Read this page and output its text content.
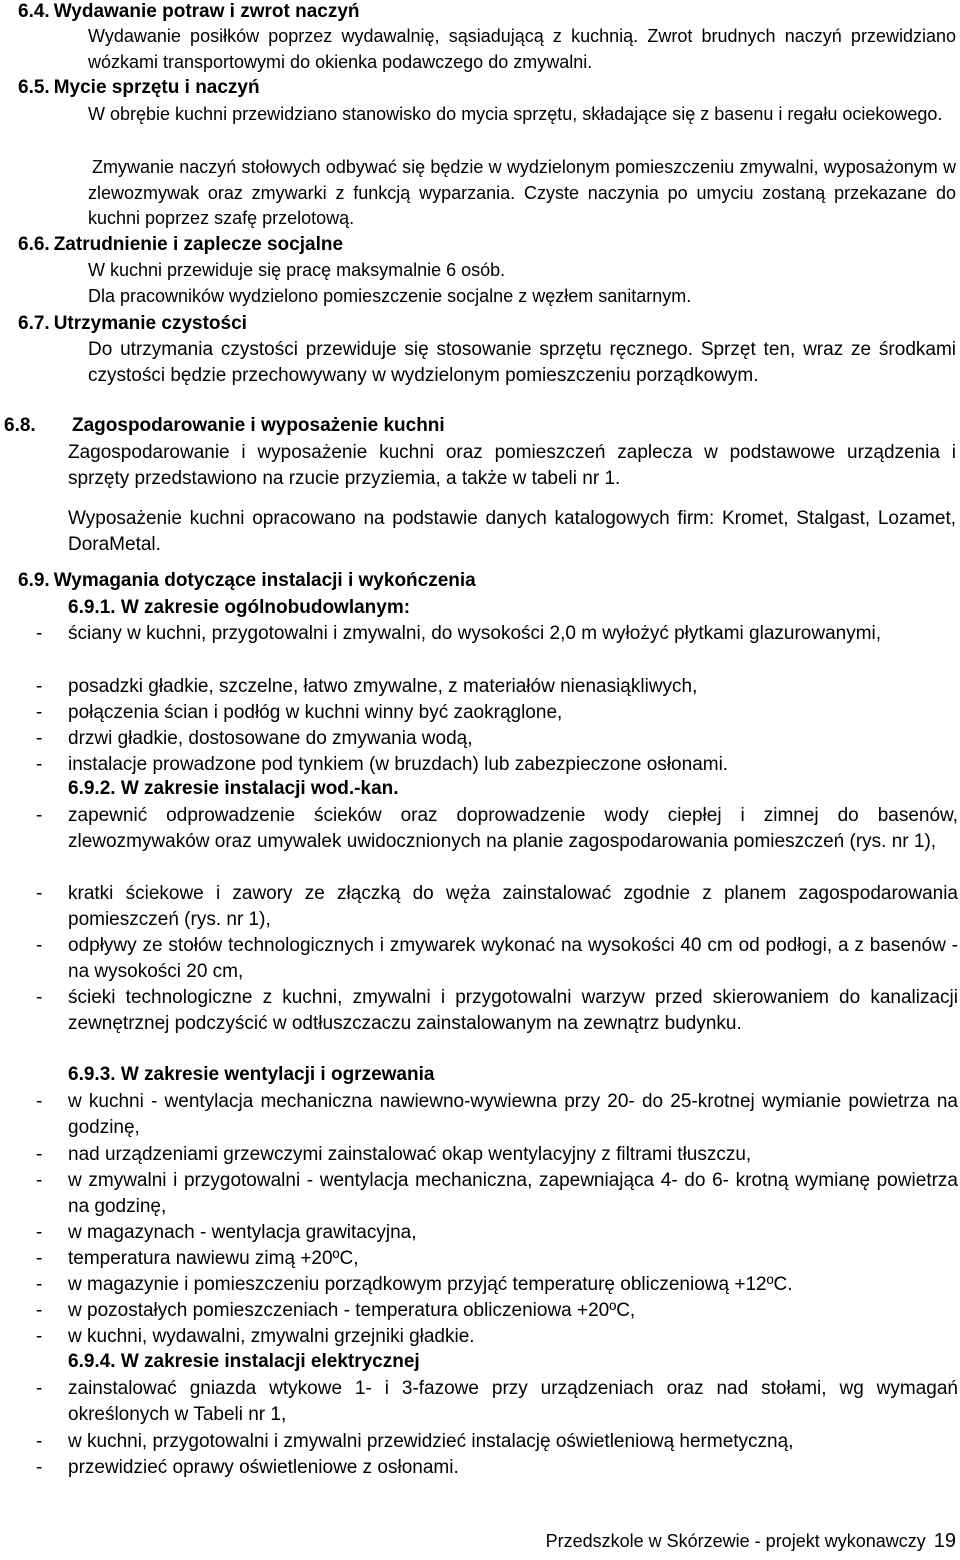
6.4. Wydawanie potraw i zwrot naczyń
Wydawanie posiłków poprzez wydawalnię, sąsiadującą z kuchnią. Zwrot brudnych naczyń przewidziano wózkami transportowymi do okienka podawczego do zmywalni.
6.5. Mycie sprzętu i naczyń
W obrębie kuchni przewidziano stanowisko do mycia sprzętu, składające się z basenu i regału ociekowego.
Zmywanie naczyń stołowych odbywać się będzie w wydzielonym pomieszczeniu zmywalni, wyposażonym w zlewozmywak oraz zmywarki z funkcją wyparzania. Czyste naczynia po umyciu zostaną przekazane do kuchni poprzez szafę przelotową.
6.6. Zatrudnienie i zaplecze socjalne
W kuchni przewiduje się pracę maksymalnie 6 osób.
Dla pracowników wydzielono pomieszczenie socjalne z węzłem sanitarnym.
6.7. Utrzymanie czystości
Do utrzymania czystości przewiduje się stosowanie sprzętu ręcznego. Sprzęt ten, wraz ze środkami czystości będzie przechowywany w wydzielonym pomieszczeniu porządkowym.
6.8. Zagospodarowanie i wyposażenie kuchni
Zagospodarowanie i wyposażenie kuchni oraz pomieszczeń zaplecza w podstawowe urządzenia i sprzęty przedstawiono na rzucie przyziemia, a także w tabeli nr 1.
Wyposażenie kuchni opracowano na podstawie danych katalogowych firm: Kromet, Stalgast, Lozamet, DoraMetal.
6.9. Wymagania dotyczące instalacji i wykończenia
6.9.1. W zakresie ogólnobudowlanym:
- ściany w kuchni, przygotowalni i zmywalni, do wysokości 2,0 m wyłożyć płytkami glazurowanymi,
- posadzki gładkie, szczelne, łatwo zmywalne, z materiałów nienasiąkliwych,
- połączenia ścian i podłóg w kuchni winny być zaokrąglone,
- drzwi gładkie, dostosowane do zmywania wodą,
- instalacje prowadzone pod tynkiem (w bruzdach) lub zabezpieczone osłonami.
6.9.2. W zakresie instalacji wod.-kan.
- zapewnić odprowadzenie ścieków oraz doprowadzenie wody ciepłej i zimnej do basenów, zlewozmywaków oraz umywalek uwidocznionych na planie zagospodarowania pomieszczeń (rys. nr 1),
- kratki ściekowe i zawory ze złączką do węża zainstalować zgodnie z planem zagospodarowania pomieszczeń (rys. nr 1),
- odpływy ze stołów technologicznych i zmywarek wykonać na wysokości 40 cm od podłogi, a z basenów - na wysokości 20 cm,
- ścieki technologiczne z kuchni, zmywalni i przygotowalni warzyw przed skierowaniem do kanalizacji zewnętrznej podczyścić w odtłuszczaczu zainstalowanym na zewnątrz budynku.
6.9.3. W zakresie wentylacji i ogrzewania
- w kuchni - wentylacja mechaniczna nawiewno-wywiewna przy 20- do 25-krotnej wymianie powietrza na godzinę,
- nad urządzeniami grzewczymi zainstalować okap wentylacyjny z filtrami tłuszczu,
- w zmywalni i przygotowalni - wentylacja mechaniczna, zapewniająca 4- do 6- krotną wymianę powietrza na godzinę,
- w magazynach - wentylacja grawitacyjna,
- temperatura nawiewu zimą +20ºC,
- w magazynie i pomieszczeniu porządkowym przyjąć temperaturę obliczeniową +12ºC.
- w pozostałych pomieszczeniach - temperatura obliczeniowa +20ºC,
- w kuchni, wydawalni, zmywalni grzejniki gładkie.
6.9.4. W zakresie instalacji elektrycznej
- zainstalować gniazda wtykowe 1- i 3-fazowe przy urządzeniach oraz nad stołami, wg wymagań określonych w Tabeli nr 1,
- w kuchni, przygotowalni i zmywalni przewidzieć instalację oświetleniową hermetyczną,
- przewidzieć oprawy oświetleniowe z osłonami.
Przedszkole w Skórzewie - projekt wykonawczy 19
